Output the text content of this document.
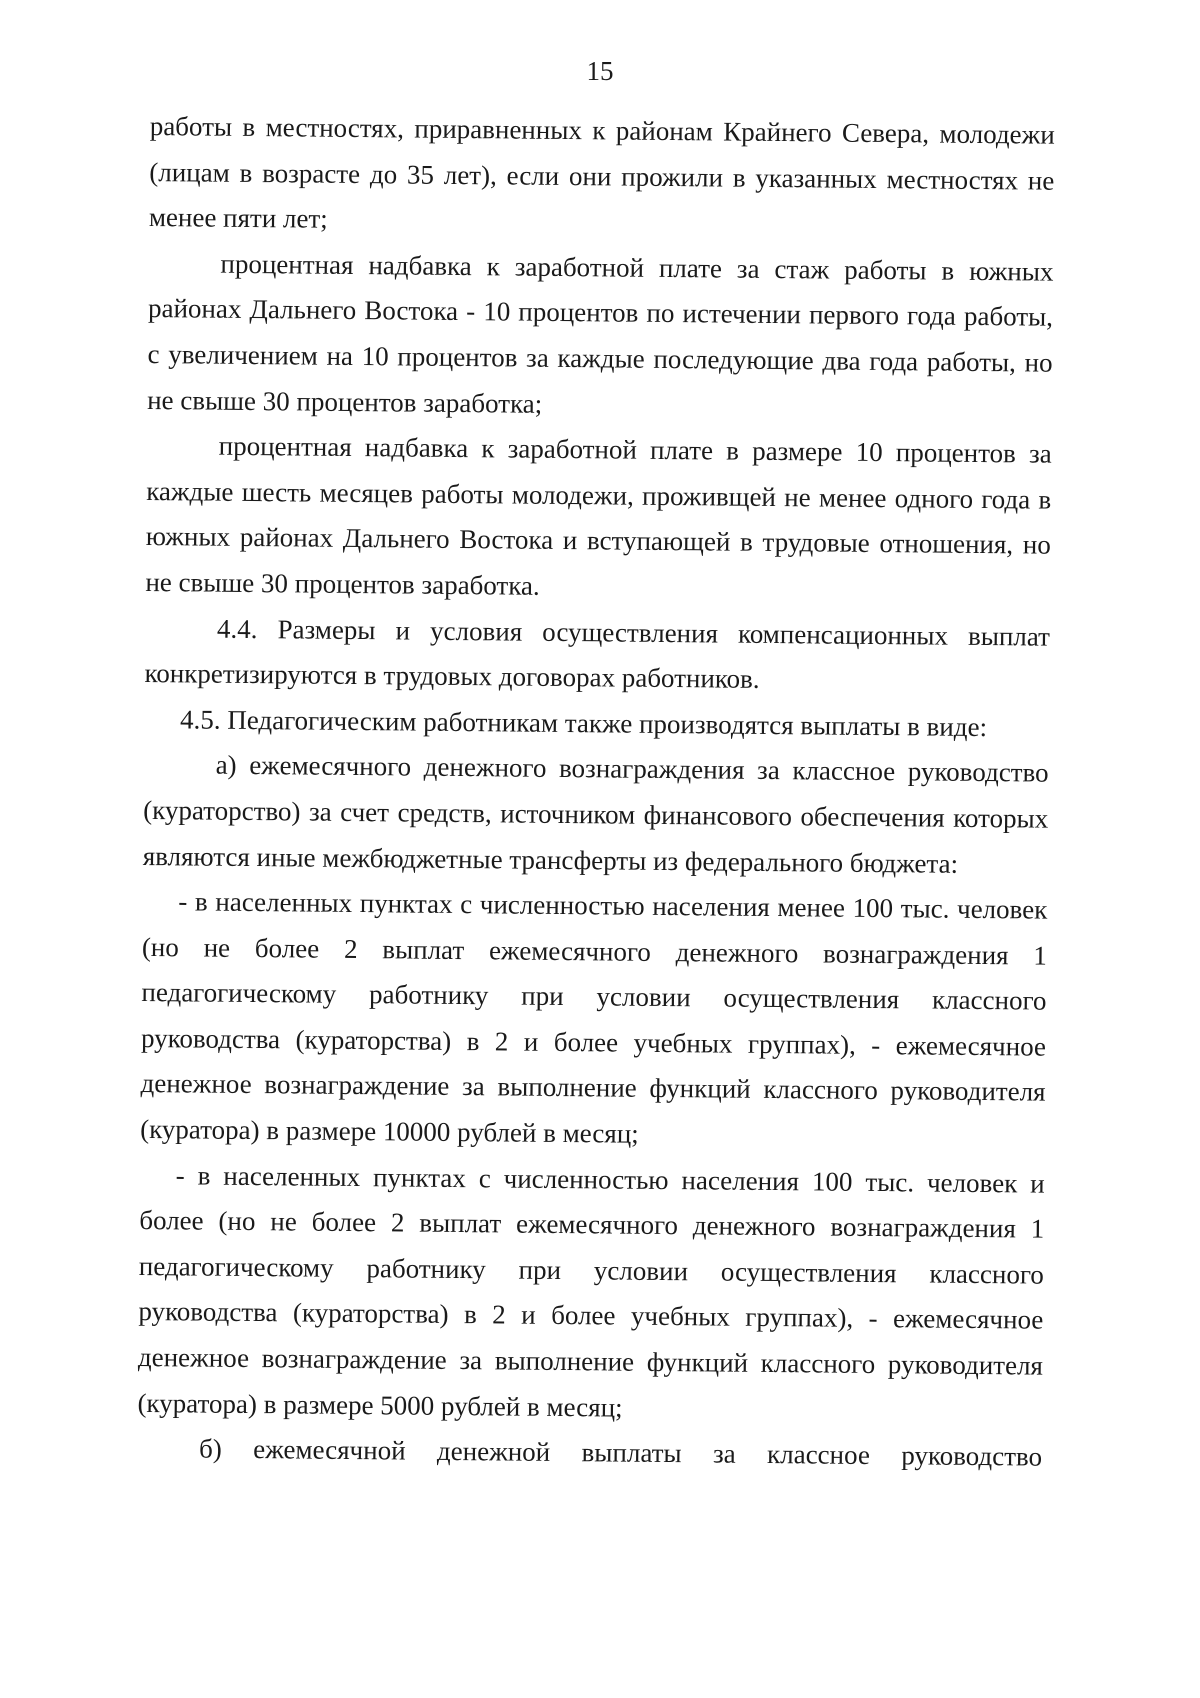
15

работы в местностях, приравненных к районам Крайнего Севера, молодежи (лицам в возрасте до 35 лет), если они прожили в указанных местностях не менее пяти лет;

процентная надбавка к заработной плате за стаж работы в южных районах Дальнего Востока - 10 процентов по истечении первого года работы, с увеличением на 10 процентов за каждые последующие два года работы, но не свыше 30 процентов заработка;

процентная надбавка к заработной плате в размере 10 процентов за каждые шесть месяцев работы молодежи, проживщей не менее одного года в южных районах Дальнего Востока и вступающей в трудовые отношения, но не свыше 30 процентов заработка.

4.4. Размеры и условия осуществления компенсационных выплат конкретизируются в трудовых договорах работников.

4.5. Педагогическим работникам также производятся выплаты в виде:

а) ежемесячного денежного вознаграждения за классное руководство (кураторство) за счет средств, источником финансового обеспечения которых являются иные межбюджетные трансферты из федерального бюджета:

- в населенных пунктах с численностью населения менее 100 тыс. человек (но не более 2 выплат ежемесячного денежного вознаграждения 1 педагогическому работнику при условии осуществления классного руководства (кураторства) в 2 и более учебных группах), - ежемесячное денежное вознаграждение за выполнение функций классного руководителя (куратора) в размере 10000 рублей в месяц;

- в населенных пунктах с численностью населения 100 тыс. человек и более (но не более 2 выплат ежемесячного денежного вознаграждения 1 педагогическому работнику при условии осуществления классного руководства (кураторства) в 2 и более учебных группах), - ежемесячное денежное вознаграждение за выполнение функций классного руководителя (куратора) в размере 5000 рублей в месяц;

б) ежемесячной денежной выплаты за классное руководство
